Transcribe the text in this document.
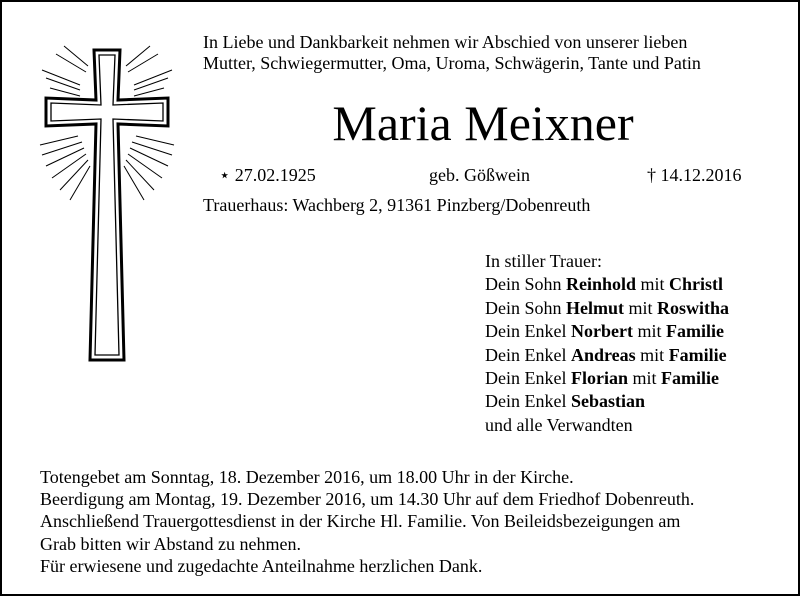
In Liebe und Dankbarkeit nehmen wir Abschied von unserer lieben
Mutter, Schwiegermutter, Oma, Uroma, Schwägerin, Tante und Patin
Maria Meixner
⋆ 27.02.1925	geb. Gößwein	† 14.12.2016
Trauerhaus: Wachberg 2, 91361 Pinzberg/Dobenreuth
In stiller Trauer:
Dein Sohn Reinhold mit Christl
Dein Sohn Helmut mit Roswitha
Dein Enkel Norbert mit Familie
Dein Enkel Andreas mit Familie
Dein Enkel Florian mit Familie
Dein Enkel Sebastian
und alle Verwandten
Totengebet am Sonntag, 18. Dezember 2016, um 18.00 Uhr in der Kirche.
Beerdigung am Montag, 19. Dezember 2016, um 14.30 Uhr auf dem Friedhof Dobenreuth.
Anschließend Trauergottesdienst in der Kirche Hl. Familie. Von Beileidsbezeigungen am
Grab bitten wir Abstand zu nehmen.
Für erwiesene und zugedachte Anteilnahme herzlichen Dank.
